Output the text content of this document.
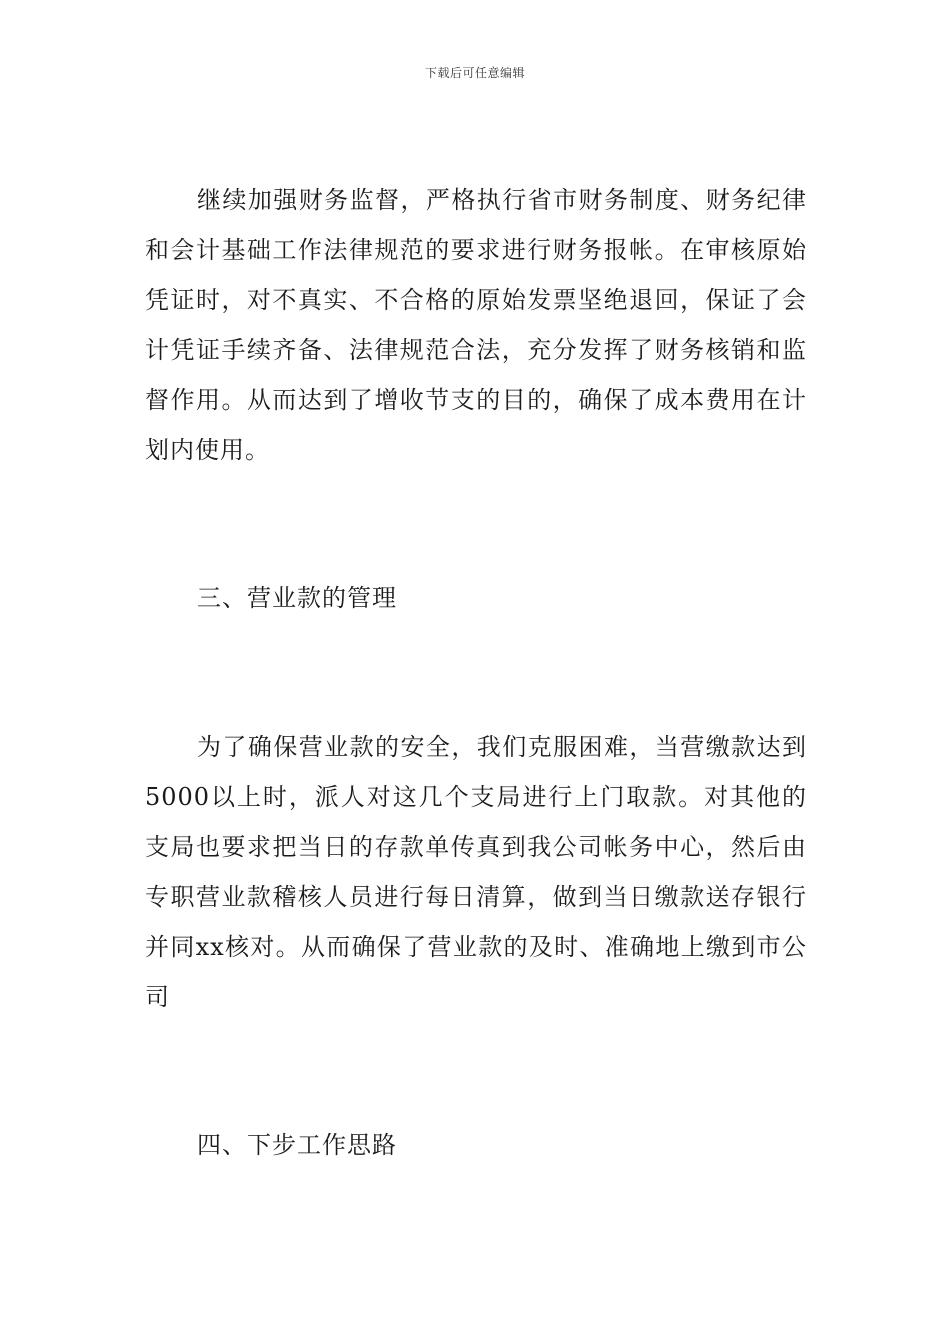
下载后可任意编辑

继续加强财务监督，严格执行省市财务制度、财务纪律和会计基础工作法律规范的要求进行财务报帐。在审核原始凭证时，对不真实、不合格的原始发票坚绝退回，保证了会计凭证手续齐备、法律规范合法，充分发挥了财务核销和监督作用。从而达到了增收节支的目的，确保了成本费用在计划内使用。

三、营业款的管理

为了确保营业款的安全，我们克服困难，当营缴款达到5000以上时，派人对这几个支局进行上门取款。对其他的支局也要求把当日的存款单传真到我公司帐务中心，然后由专职营业款稽核人员进行每日清算，做到当日缴款送存银行并同xx核对。从而确保了营业款的及时、准确地上缴到市公司

四、下步工作思路
